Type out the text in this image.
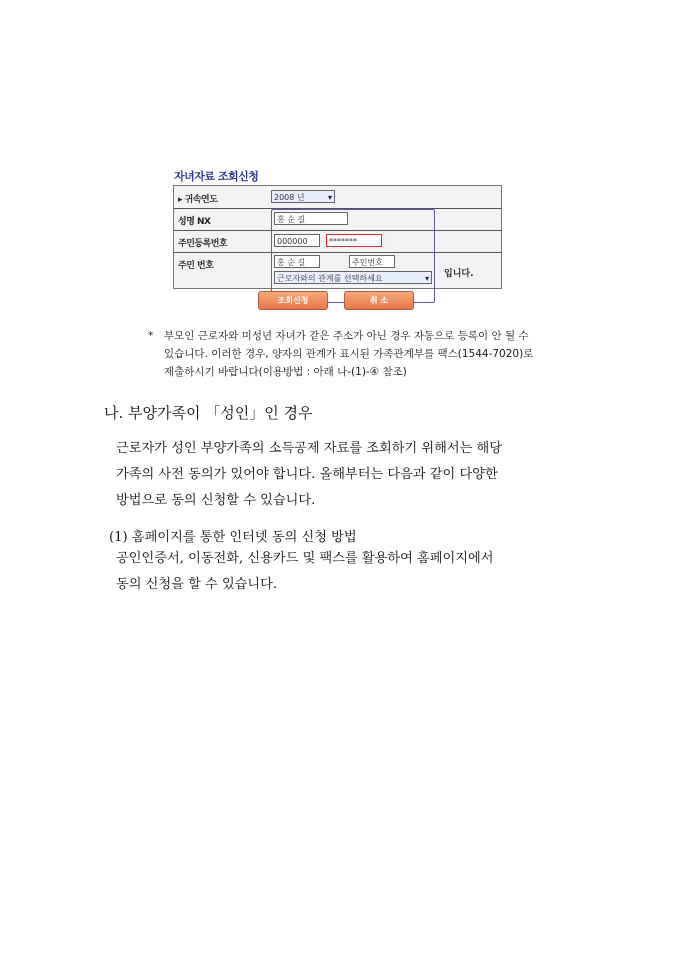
자녀자료 조회신청
▸ 귀속연도	2008 년 ▾
성명 NX	홍 순 길
주민등록번호	000000	*******
주민 번호	홍 순 길	주민번호
근로자와의 관계를 선택하세요 ▾	입니다.
조회신청	취 소
* 부모인 근로자와 미성년 자녀가 같은 주소가 아닌 경우 자동으로 등록이 안 될 수
있습니다. 이러한 경우, 양자의 관계가 표시된 가족관계부를 팩스(1544-7020)로
제출하시기 바랍니다(이용방법 : 아래 나-(1)-④ 참조)
나. 부양가족이 「성인」인 경우
근로자가 성인 부양가족의 소득공제 자료를 조회하기 위해서는 해당
가족의 사전 동의가 있어야 합니다. 올해부터는 다음과 같이 다양한
방법으로 동의 신청할 수 있습니다.
(1) 홈페이지를 통한 인터넷 동의 신청 방법
공인인증서, 이동전화, 신용카드 및 팩스를 활용하여 홈페이지에서
동의 신청을 할 수 있습니다.
